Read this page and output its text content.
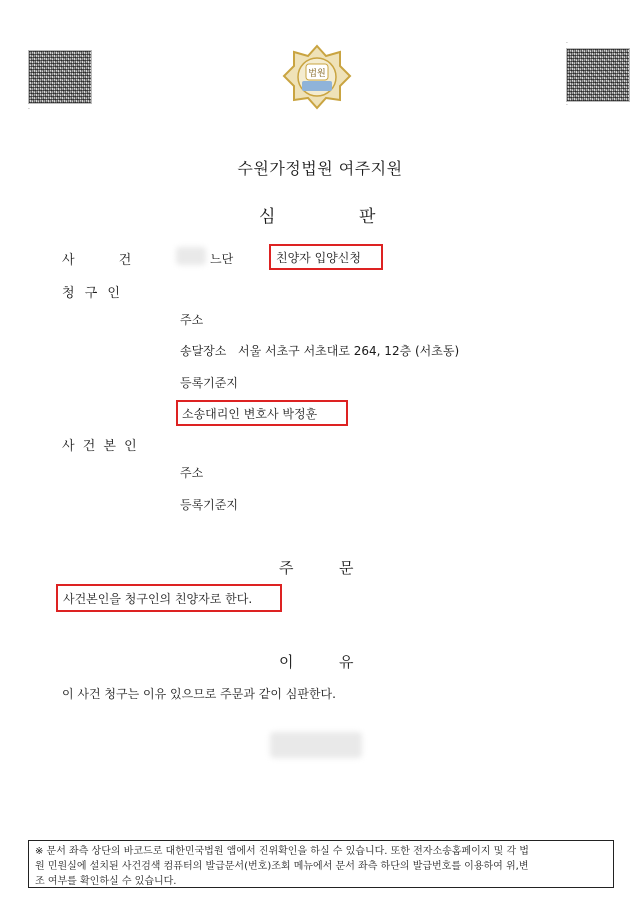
·
·
·
법원
수원가정법원 여주지원
심	판
사 건	느단	친양자 입양신청
청 구 인
주소
송달장소 서울 서초구 서초대로 264, 12층 (서초동)
등록기준지
소송대리인 변호사 박정훈
사 건 본 인
주소
등록기준지
주	문
사건본인을 청구인의 친양자로 한다.
이	유
이 사건 청구는 이유 있으므로 주문과 같이 심판한다.
※ 문서 좌측 상단의 바코드로 대한민국법원 앱에서 진위확인을 하실 수 있습니다. 또한 전자소송홈페이지 및 각 법
원 민원실에 설치된 사건검색 컴퓨터의 발급문서(번호)조회 메뉴에서 문서 좌측 하단의 발급번호를 이용하여 위,변
조 여부를 확인하실 수 있습니다.
